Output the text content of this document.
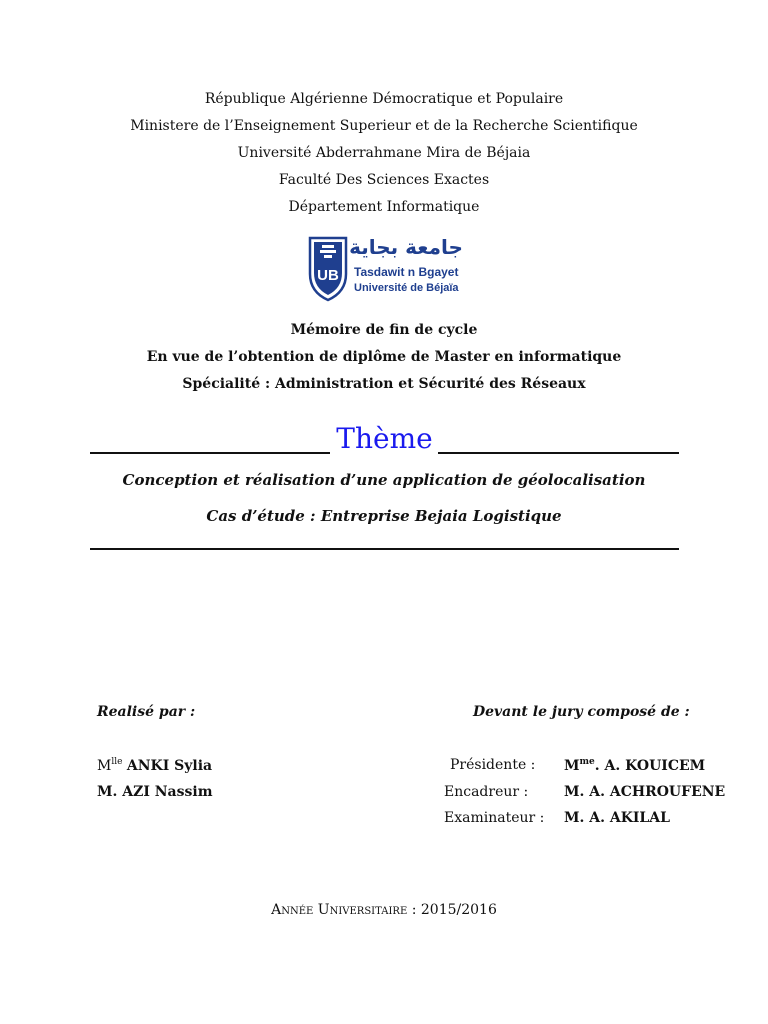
République Algérienne Démocratique et Populaire
Ministere de l’Enseignement Superieur et de la Recherche Scientifique
Université Abderrahmane Mira de Béjaia
Faculté Des Sciences Exactes
Département Informatique
UB
جامعة بجاية
Tasdawit n Bgayet
Université de Béjaïa
Mémoire de fin de cycle
En vue de l’obtention de diplôme de Master en informatique
Spécialité : Administration et Sécurité des Réseaux
Thème
Conception et réalisation d’une application de géolocalisation
Cas d’étude : Entreprise Bejaia Logistique
Realisé par :
$M^{lle}$ ANKI Sylia
M. AZI Nassim
Devant le jury composé de :
Présidente : $M^{me}$. A. KOUICEM
Encadreur :	M. A. ACHROUFENE
Examinateur : M. A. AKILAL
Année Universitaire : 2015/2016
